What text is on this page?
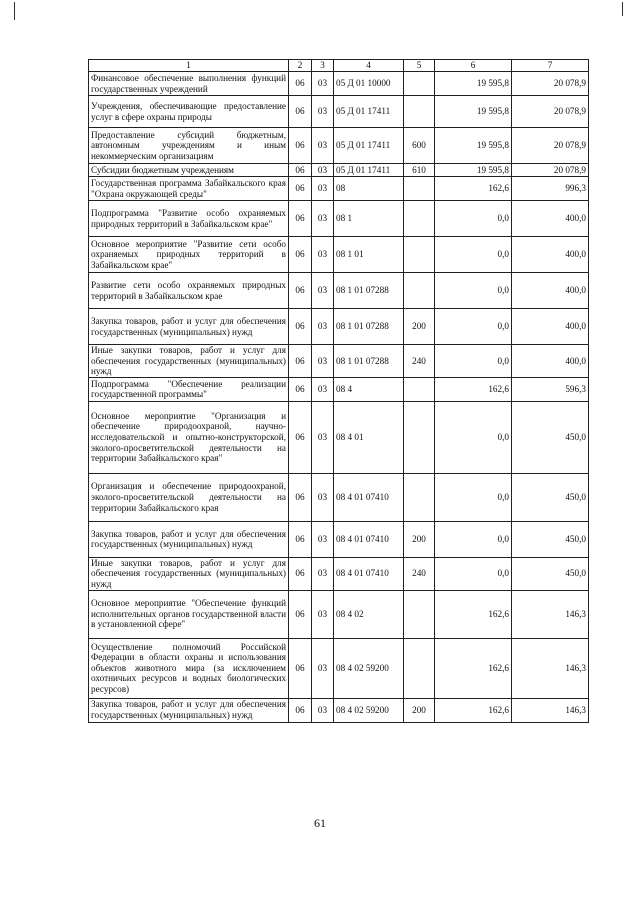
1	2	3	4	5	6	7
Финансовое обеспечение выполнения функций государственных учреждений	06	03	05 Д 01 10000		19 595,8	20 078,9
Учреждения, обеспечивающие предоставление услуг в сфере охраны природы	06	03	05 Д 01 17411		19 595,8	20 078,9
Предоставление субсидий бюджетным, автономным учреждениям и иным некоммерческим организациям	06	03	05 Д 01 17411	600	19 595,8	20 078,9
Субсидии бюджетным учреждениям	06	03	05 Д 01 17411	610	19 595,8	20 078,9
Государственная программа Забайкальского края "Охрана окружающей среды"	06	03	08		162,6	996,3
Подпрограмма "Развитие особо охраняемых природных территорий в Забайкальском крае"	06	03	08 1		0,0	400,0
Основное мероприятие "Развитие сети особо охраняемых природных территорий в Забайкальском крае"	06	03	08 1 01		0,0	400,0
Развитие сети особо охраняемых природных территорий в Забайкальском крае	06	03	08 1 01 07288		0,0	400,0
Закупка товаров, работ и услуг для обеспечения государственных (муниципальных) нужд	06	03	08 1 01 07288	200	0,0	400,0
Иные закупки товаров, работ и услуг для обеспечения государственных (муниципальных) нужд	06	03	08 1 01 07288	240	0,0	400,0
Подпрограмма "Обеспечение реализации государственной программы"	06	03	08 4		162,6	596,3
Основное мероприятие "Организация и обеспечение природоохраной, научно-исследовательской и опытно-конструкторской, эколого-просветительской деятельности на территории Забайкальского края"	06	03	08 4 01		0,0	450,0
Организация и обеспечение природоохраной, эколого-просветительской деятельности на территории Забайкальского края	06	03	08 4 01 07410		0,0	450,0
Закупка товаров, работ и услуг для обеспечения государственных (муниципальных) нужд	06	03	08 4 01 07410	200	0,0	450,0
Иные закупки товаров, работ и услуг для обеспечения государственных (муниципальных) нужд	06	03	08 4 01 07410	240	0,0	450,0
Основное мероприятие "Обеспечение функций исполнительных органов государственной власти в установленной сфере"	06	03	08 4 02		162,6	146,3
Осуществление полномочий Российской Федерации в области охраны и использования объектов животного мира (за исключением охотничьих ресурсов и водных биологических ресурсов)	06	03	08 4 02 59200		162,6	146,3
Закупка товаров, работ и услуг для обеспечения государственных (муниципальных) нужд	06	03	08 4 02 59200	200	162,6	146,3
61
